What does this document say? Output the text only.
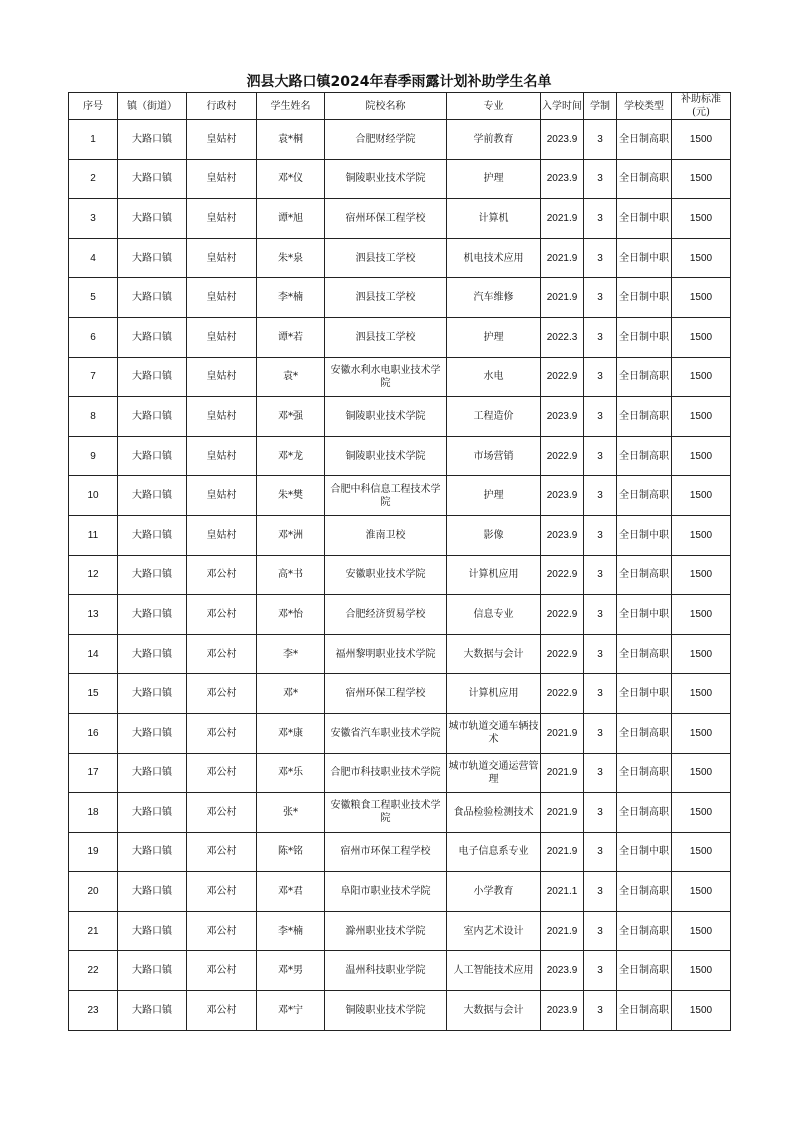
泗县大路口镇2024年春季雨露计划补助学生名单
序号	镇（街道）	行政村	学生姓名	院校名称	专业	入学时间	学制	学校类型	补助标准(元)
1	大路口镇	皇姑村	袁*桐	合肥财经学院	学前教育	2023.9	3	全日制高职	1500
2	大路口镇	皇姑村	邓*仪	铜陵职业技术学院	护理	2023.9	3	全日制高职	1500
3	大路口镇	皇姑村	谭*旭	宿州环保工程学校	计算机	2021.9	3	全日制中职	1500
4	大路口镇	皇姑村	朱*泉	泗县技工学校	机电技术应用	2021.9	3	全日制中职	1500
5	大路口镇	皇姑村	李*楠	泗县技工学校	汽车维修	2021.9	3	全日制中职	1500
6	大路口镇	皇姑村	谭*若	泗县技工学校	护理	2022.3	3	全日制中职	1500
7	大路口镇	皇姑村	袁*	安徽水利水电职业技术学院	水电	2022.9	3	全日制高职	1500
8	大路口镇	皇姑村	邓*强	铜陵职业技术学院	工程造价	2023.9	3	全日制高职	1500
9	大路口镇	皇姑村	邓*龙	铜陵职业技术学院	市场营销	2022.9	3	全日制高职	1500
10	大路口镇	皇姑村	朱*樊	合肥中科信息工程技术学院	护理	2023.9	3	全日制高职	1500
11	大路口镇	皇姑村	邓*洲	淮南卫校	影像	2023.9	3	全日制中职	1500
12	大路口镇	邓公村	高*书	安徽职业技术学院	计算机应用	2022.9	3	全日制高职	1500
13	大路口镇	邓公村	邓*怡	合肥经济贸易学校	信息专业	2022.9	3	全日制中职	1500
14	大路口镇	邓公村	李*	福州黎明职业技术学院	大数据与会计	2022.9	3	全日制高职	1500
15	大路口镇	邓公村	邓*	宿州环保工程学校	计算机应用	2022.9	3	全日制中职	1500
16	大路口镇	邓公村	邓*康	安徽省汽车职业技术学院	城市轨道交通车辆技术	2021.9	3	全日制高职	1500
17	大路口镇	邓公村	邓*乐	合肥市科技职业技术学院	城市轨道交通运营管理	2021.9	3	全日制高职	1500
18	大路口镇	邓公村	张*	安徽粮食工程职业技术学院	食品检验检测技术	2021.9	3	全日制高职	1500
19	大路口镇	邓公村	陈*铭	宿州市环保工程学校	电子信息系专业	2021.9	3	全日制中职	1500
20	大路口镇	邓公村	邓*君	阜阳市职业技术学院	小学教育	2021.1	3	全日制高职	1500
21	大路口镇	邓公村	李*楠	滁州职业技术学院	室内艺术设计	2021.9	3	全日制高职	1500
22	大路口镇	邓公村	邓*男	温州科技职业学院	人工智能技术应用	2023.9	3	全日制高职	1500
23	大路口镇	邓公村	邓*宁	铜陵职业技术学院	大数据与会计	2023.9	3	全日制高职	1500
